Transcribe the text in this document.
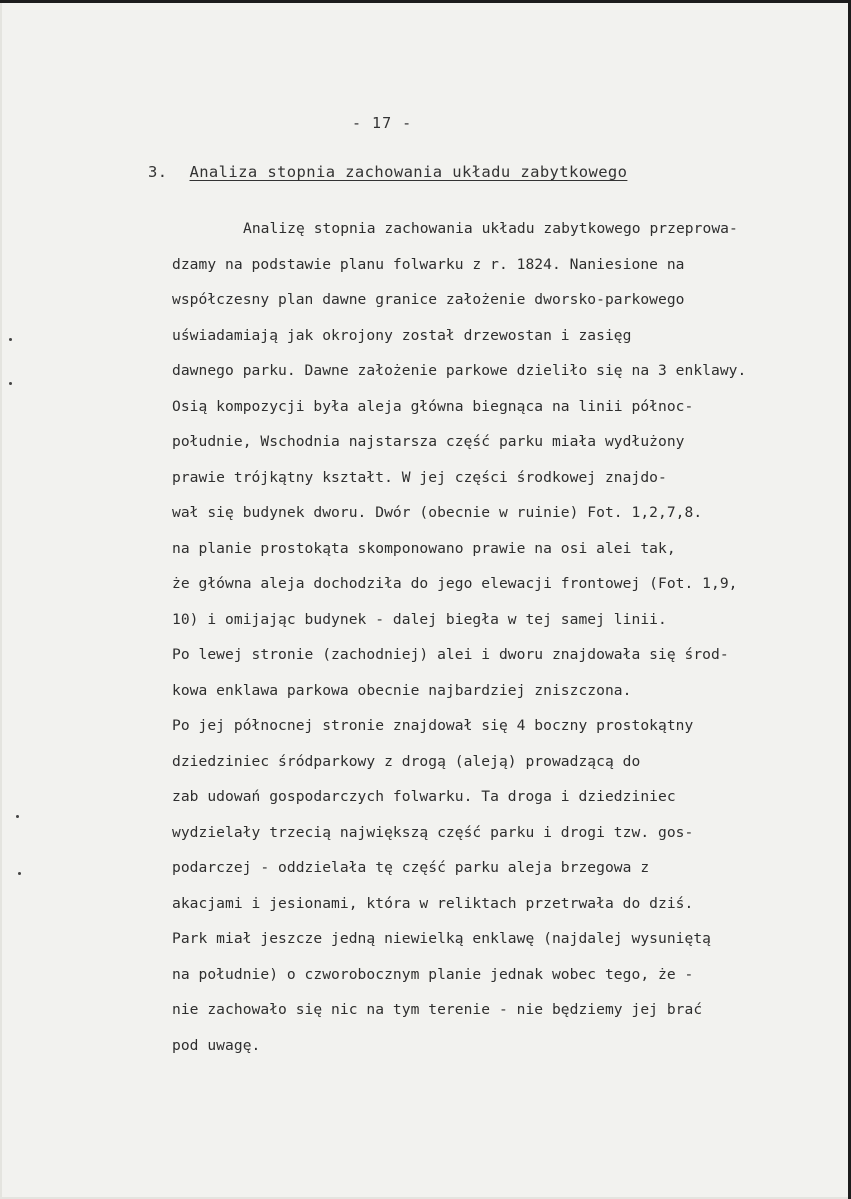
- 17 -
3. Analiza stopnia zachowania układu zabytkowego
Analizę stopnia zachowania układu zabytkowego przeprowa-
dzamy na podstawie planu folwarku z r. 1824. Naniesione na
współczesny plan dawne granice założenie dworsko-parkowego
uświadamiają jak okrojony został drzewostan i zasięg
dawnego parku. Dawne założenie parkowe dzieliło się na 3 enklawy.
Osią kompozycji była aleja główna biegnąca na linii północ-
południe, Wschodnia najstarsza część parku miała wydłużony
prawie trójkątny kształt. W jej części środkowej znajdo-
wał się budynek dworu. Dwór (obecnie w ruinie) Fot. 1,2,7,8.
na planie prostokąta skomponowano prawie na osi alei tak,
że główna aleja dochodziła do jego elewacji frontowej (Fot. 1,9,
10) i omijając budynek - dalej biegła w tej samej linii.
Po lewej stronie (zachodniej) alei i dworu znajdowała się środ-
kowa enklawa parkowa obecnie najbardziej zniszczona.
Po jej północnej stronie znajdował się 4 boczny prostokątny
dziedziniec śródparkowy z drogą (aleją) prowadzącą do
zab udowań gospodarczych folwarku. Ta droga i dziedziniec
wydzielały trzecią największą część parku i drogi tzw. gos-
podarczej - oddzielała tę część parku aleja brzegowa z
akacjami i jesionami, która w reliktach przetrwała do dziś.
Park miał jeszcze jedną niewielką enklawę (najdalej wysuniętą
na południe) o czworobocznym planie jednak wobec tego, że -
nie zachowało się nic na tym terenie - nie będziemy jej brać
pod uwagę.
